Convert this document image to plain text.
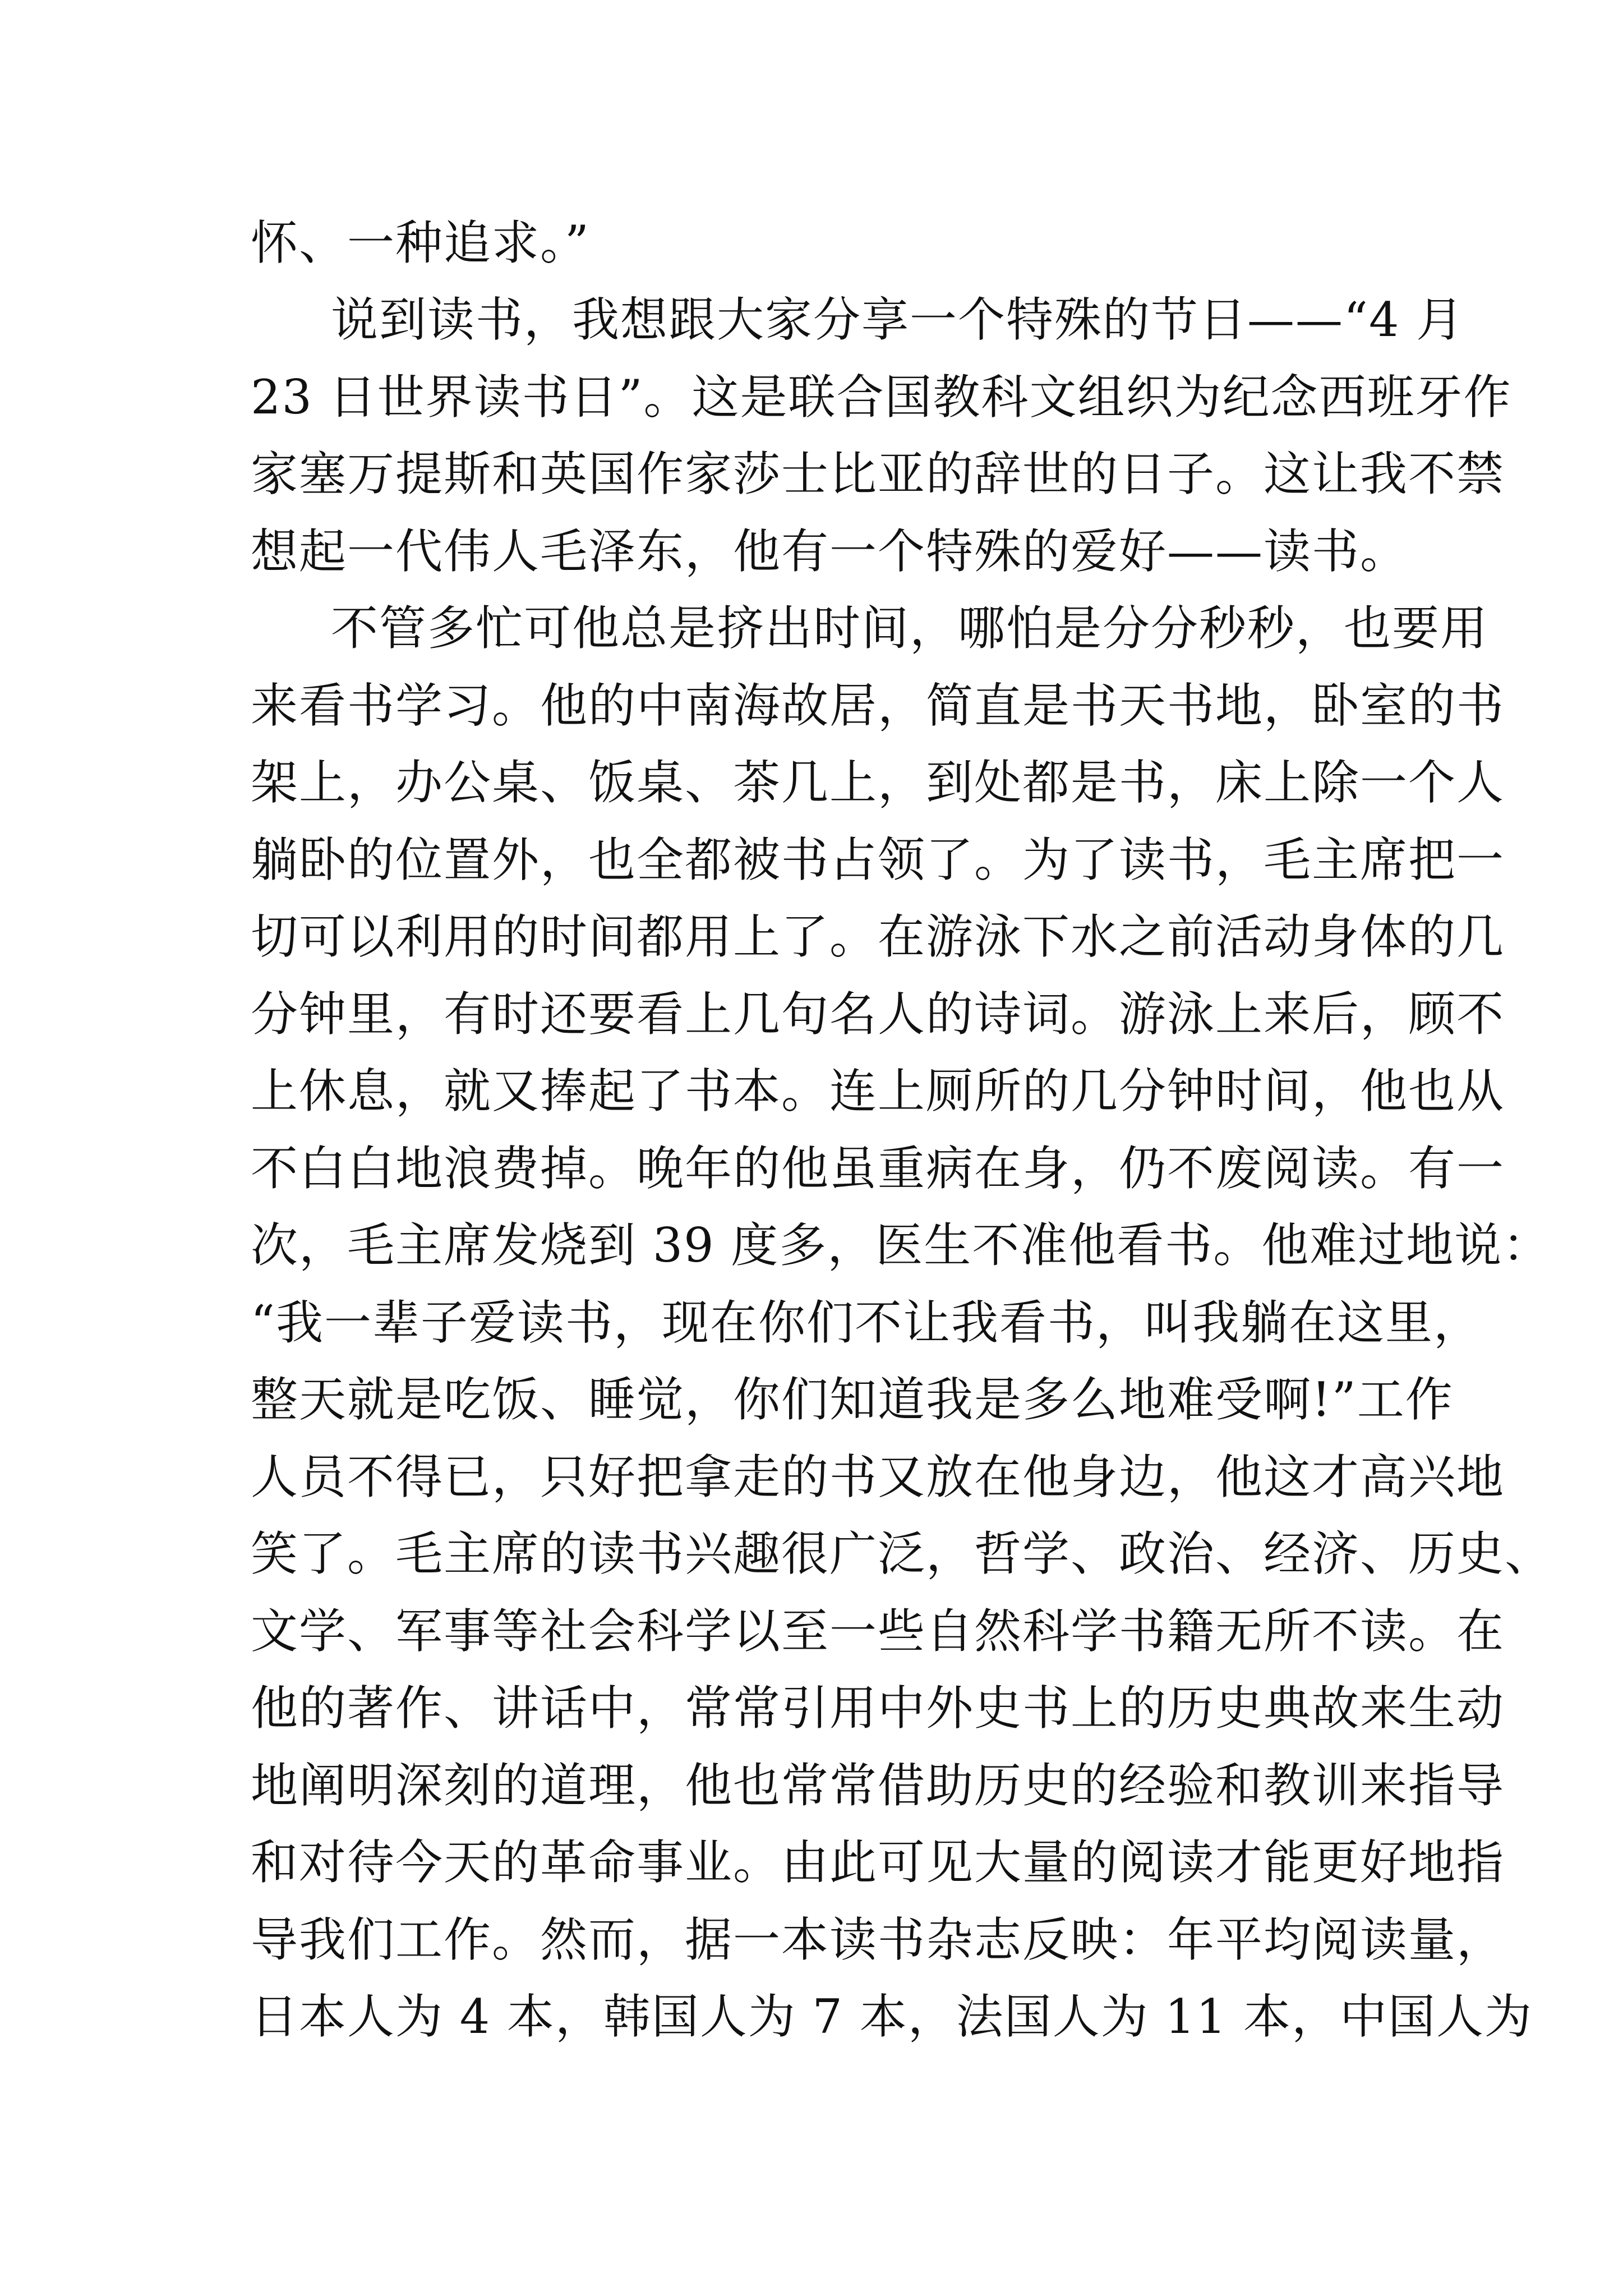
怀、一种追求。”
说到读书，我想跟大家分享一个特殊的节日——“4 月
23 日世界读书日”。这是联合国教科文组织为纪念西班牙作
家塞万提斯和英国作家莎士比亚的辞世的日子。这让我不禁
想起一代伟人毛泽东，他有一个特殊的爱好——读书。
不管多忙可他总是挤出时间，哪怕是分分秒秒，也要用
来看书学习。他的中南海故居，简直是书天书地，卧室的书
架上，办公桌、饭桌、茶几上，到处都是书，床上除一个人
躺卧的位置外，也全都被书占领了。为了读书，毛主席把一
切可以利用的时间都用上了。在游泳下水之前活动身体的几
分钟里，有时还要看上几句名人的诗词。游泳上来后，顾不
上休息，就又捧起了书本。连上厕所的几分钟时间，他也从
不白白地浪费掉。晚年的他虽重病在身，仍不废阅读。有一
次，毛主席发烧到 39 度多，医生不准他看书。他难过地说：
“我一辈子爱读书，现在你们不让我看书，叫我躺在这里，
整天就是吃饭、睡觉，你们知道我是多么地难受啊!”工作
人员不得已，只好把拿走的书又放在他身边，他这才高兴地
笑了。毛主席的读书兴趣很广泛，哲学、政治、经济、历史、
文学、军事等社会科学以至一些自然科学书籍无所不读。在
他的著作、讲话中，常常引用中外史书上的历史典故来生动
地阐明深刻的道理，他也常常借助历史的经验和教训来指导
和对待今天的革命事业。由此可见大量的阅读才能更好地指
导我们工作。然而，据一本读书杂志反映：年平均阅读量，
日本人为 4 本，韩国人为 7 本，法国人为 11 本，中国人为
